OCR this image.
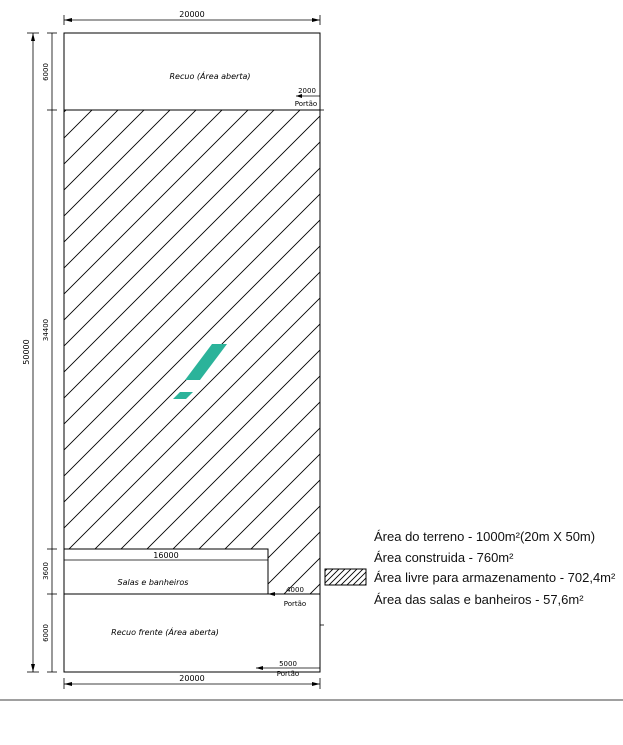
20000
20000
50000
6000
34400
3600
6000
2000
Portão
Recuo (Área aberta)
16000
Salas e banheiros
Recuo frente (Área aberta)
4000
Portão
5000
Portão
Área do terreno - 1000m²(20m X 50m)
Área construida - 760m²
Área livre para armazenamento - 702,4m²
Área das salas e banheiros - 57,6m²
